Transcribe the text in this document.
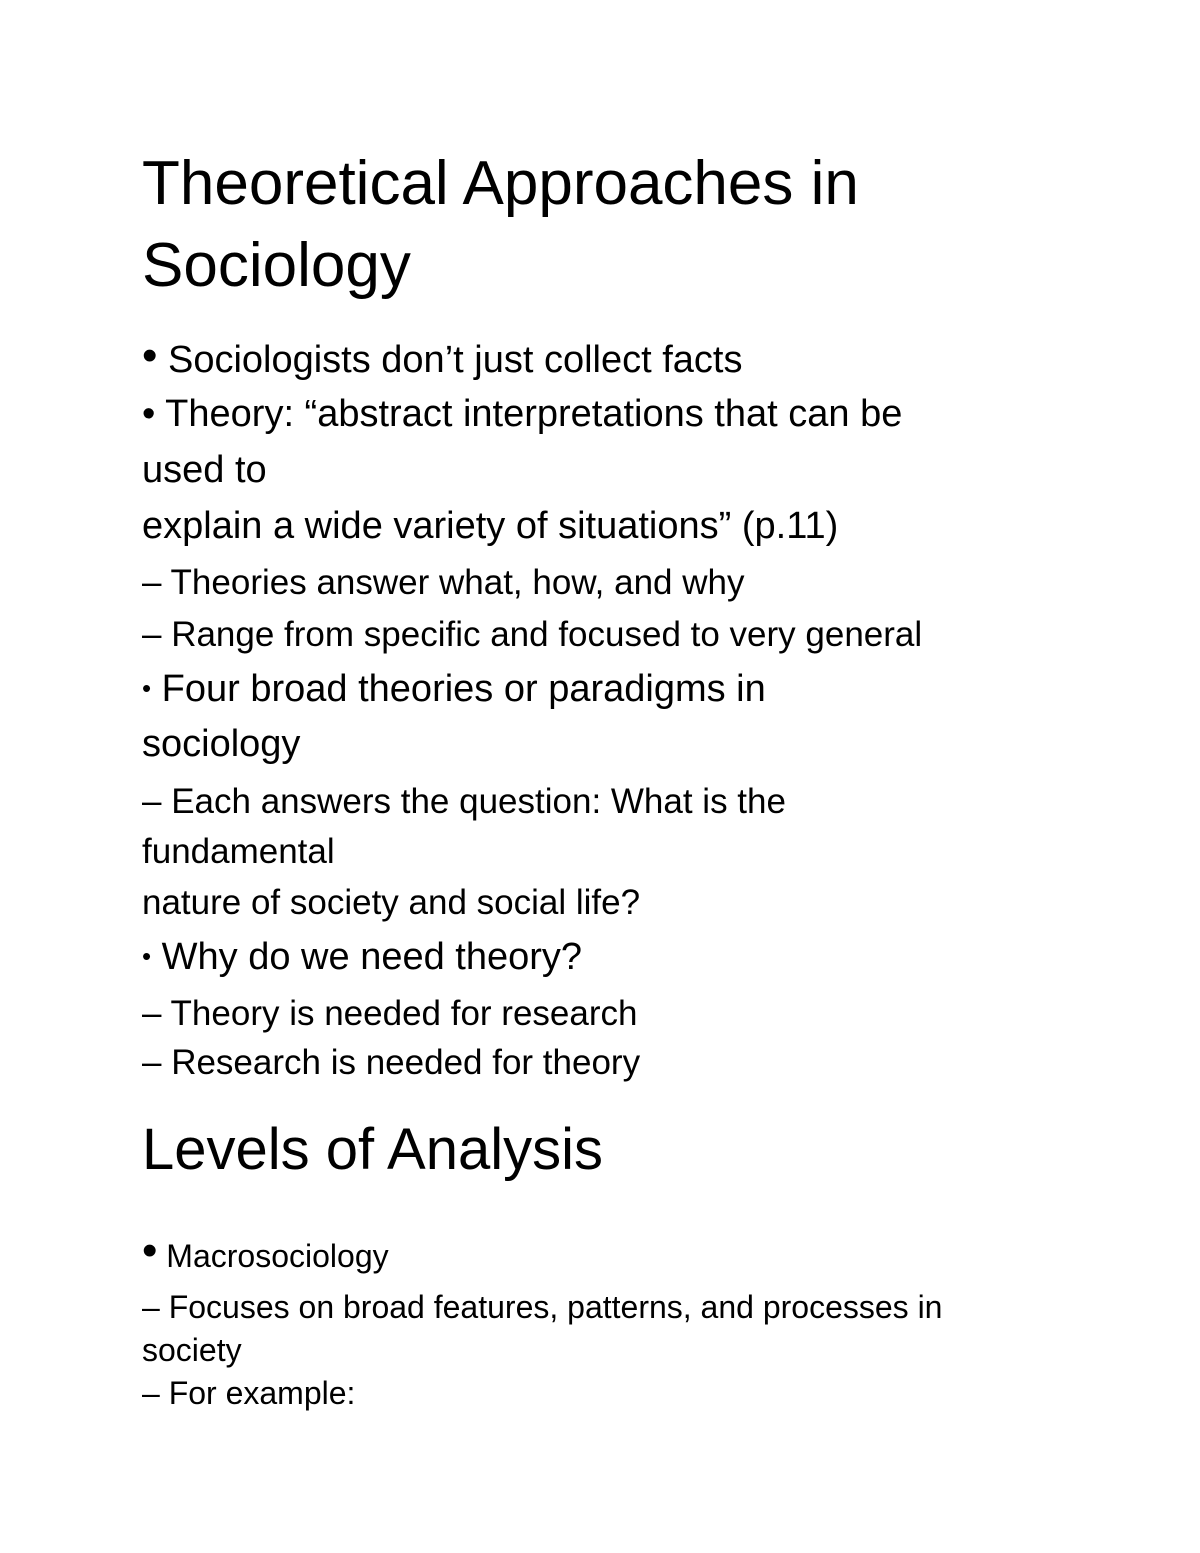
Theoretical Approaches in
Sociology
• Sociologists don’t just collect facts
• Theory: “abstract interpretations that can be
used to
explain a wide variety of situations” (p.11)
– Theories answer what, how, and why
– Range from specific and focused to very general
• Four broad theories or paradigms in
sociology
– Each answers the question: What is the
fundamental
nature of society and social life?
• Why do we need theory?
– Theory is needed for research
– Research is needed for theory
Levels of Analysis
• Macrosociology
– Focuses on broad features, patterns, and processes in
society
– For example:
